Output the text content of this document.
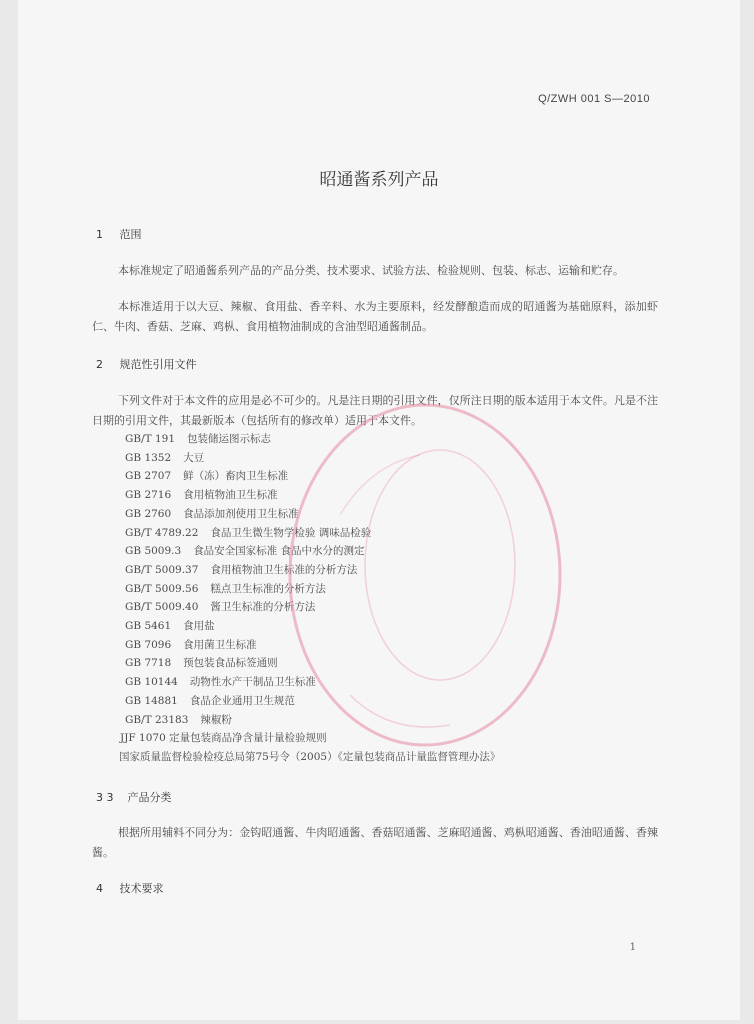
Q/ZWH 001 S—2010
昭通酱系列产品
1 范围
本标准规定了昭通酱系列产品的产品分类、技术要求、试验方法、检验规则、包装、标志、运输和贮存。
本标准适用于以大豆、辣椒、食用盐、香辛料、水为主要原料，经发酵酿造而成的昭通酱为基础原料，添加虾仁、牛肉、香菇、芝麻、鸡枞、食用植物油制成的含油型昭通酱制品。
2 规范性引用文件
下列文件对于本文件的应用是必不可少的。凡是注日期的引用文件，仅所注日期的版本适用于本文件。凡是不注日期的引用文件，其最新版本（包括所有的修改单）适用于本文件。
GB/T 191 包装储运图示标志
GB 1352 大豆
GB 2707 鲜（冻）畜肉卫生标准
GB 2716 食用植物油卫生标准
GB 2760 食品添加剂使用卫生标准
GB/T 4789.22 食品卫生微生物学检验 调味品检验
GB 5009.3 食品安全国家标准 食品中水分的测定
GB/T 5009.37 食用植物油卫生标准的分析方法
GB/T 5009.56 糕点卫生标准的分析方法
GB/T 5009.40 酱卫生标准的分析方法
GB 5461 食用盐
GB 7096 食用菌卫生标准
GB 7718 预包装食品标签通则
GB 10144 动物性水产干制品卫生标准
GB 14881 食品企业通用卫生规范
GB/T 23183 辣椒粉
JJF 1070 定量包装商品净含量计量检验规则
国家质量监督检验检疫总局第75号令（2005）《定量包装商品计量监督管理办法》
3 3 产品分类
根据所用辅料不同分为：金钩昭通酱、牛肉昭通酱、香菇昭通酱、芝麻昭通酱、鸡枞昭通酱、香油昭通酱、香辣酱。
4 技术要求
1
